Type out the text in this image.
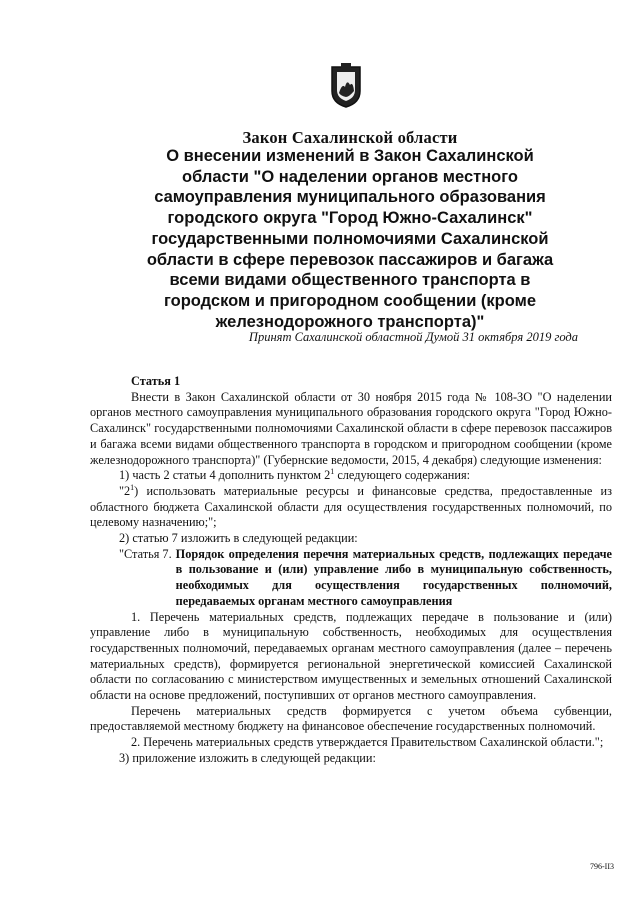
Закон Сахалинской области
О внесении изменений в Закон Сахалинской
области "О наделении органов местного
самоуправления муниципального образования
городского округа "Город Южно-Сахалинск"
государственными полномочиями Сахалинской
области в сфере перевозок пассажиров и багажа
всеми видами общественного транспорта в
городском и пригородном сообщении (кроме
железнодорожного транспорта)"
Принят Сахалинской областной Думой 31 октября 2019 года

Статья 1

Внести в Закон Сахалинской области от 30 ноября 2015 года № 108-ЗО "О наделении органов местного самоуправления муниципального образования городского округа "Город Южно-Сахалинск" государственными полномочиями Сахалинской области в сфере перевозок пассажиров и багажа всеми видами общественного транспорта в городском и пригородном сообщении (кроме железнодорожного транспорта)" (Губернские ведомости, 2015, 4 декабря) следующие изменения:

1) часть 2 статьи 4 дополнить пунктом $2^1$ следующего содержания:

"$2^1$) использовать материальные ресурсы и финансовые средства, предоставленные из областного бюджета Сахалинской области для осуществления государственных полномочий, по целевому назначению;";

2) статью 7 изложить в следующей редакции:

"Статья 7. Порядок определения перечня материальных средств, подлежащих передаче в пользование и (или) управление либо в муниципальную собственность, необходимых для осуществления государственных полномочий, передаваемых органам местного самоуправления

1. Перечень материальных средств, подлежащих передаче в пользование и (или) управление либо в муниципальную собственность, необходимых для осуществления государственных полномочий, передаваемых органам местного самоуправления (далее – перечень материальных средств), формируется региональной энергетической комиссией Сахалинской области по согласованию с министерством имущественных и земельных отношений Сахалинской области на основе предложений, поступивших от органов местного самоуправления.

Перечень материальных средств формируется с учетом объема субвенции, предоставляемой местному бюджету на финансовое обеспечение государственных полномочий.

2. Перечень материальных средств утверждается Правительством Сахалинской области.";

3) приложение изложить в следующей редакции:

796-II3
